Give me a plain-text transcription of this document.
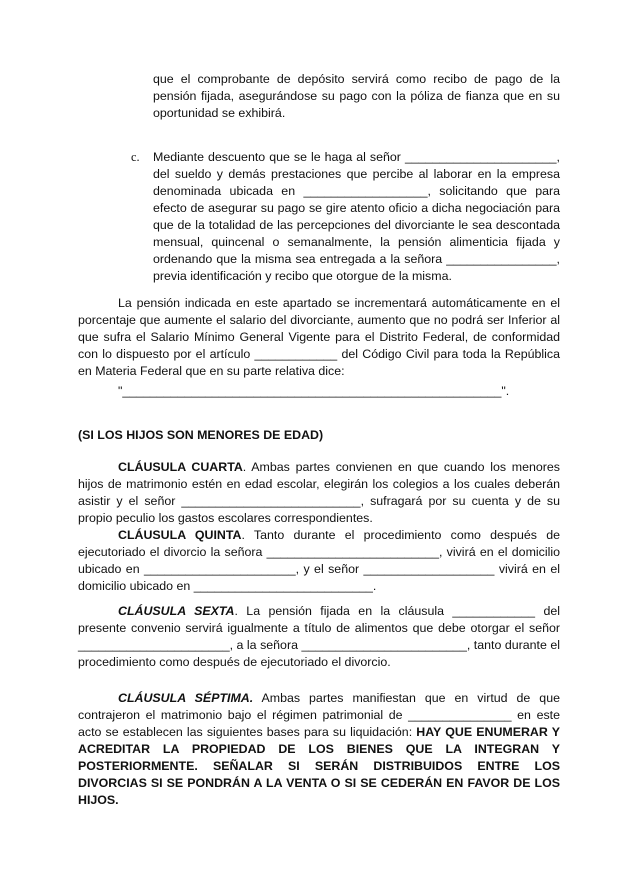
que el comprobante de depósito servirá como recibo de pago de la pensión fijada, asegurándose su pago con la póliza de fianza que en su oportunidad se exhibirá.

c. Mediante descuento que se le haga al señor ______________________, del sueldo y demás prestaciones que percibe al laborar en la empresa denominada ubicada en __________________, solicitando que para efecto de asegurar su pago se gire atento oficio a dicha negociación para que de la totalidad de las percepciones del divorciante le sea descontada mensual, quincenal o semanalmente, la pensión alimenticia fijada y ordenando que la misma sea entregada a la señora ________________, previa identificación y recibo que otorgue de la misma.

La pensión indicada en este apartado se incrementará automáticamente en el porcentaje que aumente el salario del divorciante, aumento que no podrá ser Inferior al que sufra el Salario Mínimo General Vigente para el Distrito Federal, de conformidad con lo dispuesto por el artículo ____________ del Código Civil para toda la República en Materia Federal que en su parte relativa dice:

"_______________________________________________________".

(SI LOS HIJOS SON MENORES DE EDAD)

CLÁUSULA CUARTA. Ambas partes convienen en que cuando los menores hijos de matrimonio estén en edad escolar, elegirán los colegios a los cuales deberán asistir y el señor __________________________, sufragará por su cuenta y de su propio peculio los gastos escolares correspondientes.

CLÁUSULA QUINTA. Tanto durante el procedimiento como después de ejecutoriado el divorcio la señora _________________________, vivirá en el domicilio ubicado en ______________________, y el señor ___________________ vivirá en el domicilio ubicado en __________________________.

CLÁUSULA SEXTA. La pensión fijada en la cláusula ____________ del presente convenio servirá igualmente a título de alimentos que debe otorgar el señor ______________________, a la señora ________________________, tanto durante el procedimiento como después de ejecutoriado el divorcio.

CLÁUSULA SÉPTIMA. Ambas partes manifiestan que en virtud de que contrajeron el matrimonio bajo el régimen patrimonial de _______________ en este acto se establecen las siguientes bases para su liquidación: HAY QUE ENUMERAR Y ACREDITAR LA PROPIEDAD DE LOS BIENES QUE LA INTEGRAN Y POSTERIORMENTE. SEÑALAR SI SERÁN DISTRIBUIDOS ENTRE LOS DIVORCIAS SI SE PONDRÁN A LA VENTA O SI SE CEDERÁN EN FAVOR DE LOS HIJOS.
